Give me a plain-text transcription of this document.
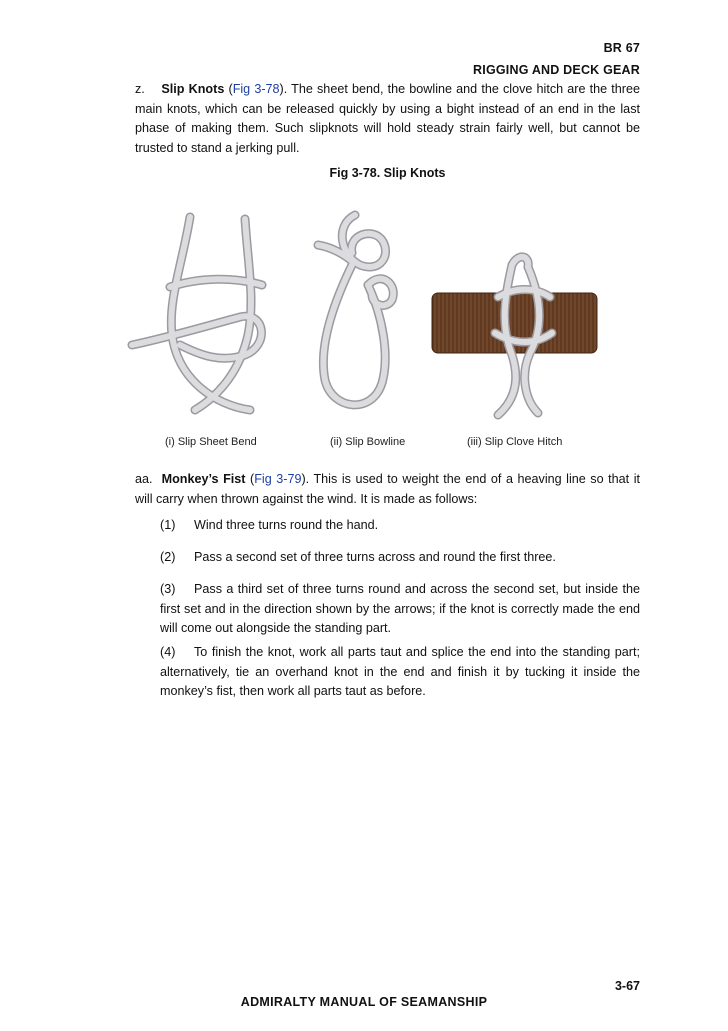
BR 67
RIGGING AND DECK GEAR
z. Slip Knots (Fig 3-78). The sheet bend, the bowline and the clove hitch are the three main knots, which can be released quickly by using a bight instead of an end in the last phase of making them. Such slipknots will hold steady strain fairly well, but cannot be trusted to stand a jerking pull.
Fig 3-78. Slip Knots
(i) Slip Sheet Bend	(ii) Slip Bowline	(iii) Slip Clove Hitch
aa. Monkey’s Fist (Fig 3-79). This is used to weight the end of a heaving line so that it will carry when thrown against the wind. It is made as follows:
(1) Wind three turns round the hand.
(2) Pass a second set of three turns across and round the first three.
(3) Pass a third set of three turns round and across the second set, but inside the first set and in the direction shown by the arrows; if the knot is correctly made the end will come out alongside the standing part.
(4) To finish the knot, work all parts taut and splice the end into the standing part; alternatively, tie an overhand knot in the end and finish it by tucking it inside the monkey’s fist, then work all parts taut as before.
3-67
ADMIRALTY MANUAL OF SEAMANSHIP
